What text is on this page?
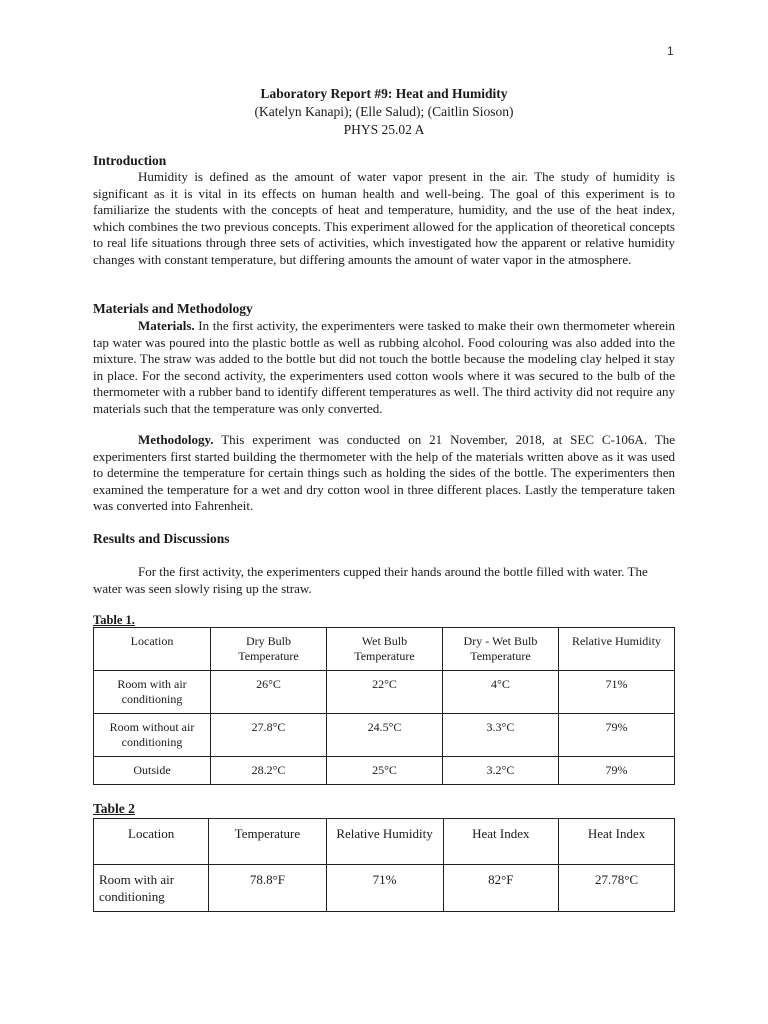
1
Laboratory Report #9: Heat and Humidity
(Katelyn Kanapi); (Elle Salud); (Caitlin Sioson)
PHYS 25.02 A
Introduction

Humidity is defined as the amount of water vapor present in the air. The study of humidity is significant as it is vital in its effects on human health and well-being. The goal of this experiment is to familiarize the students with the concepts of heat and temperature, humidity, and the use of the heat index, which combines the two previous concepts. This experiment allowed for the application of theoretical concepts to real life situations through three sets of activities, which investigated how the apparent or relative humidity changes with constant temperature, but differing amounts the amount of water vapor in the atmosphere.

Materials and Methodology

Materials. In the first activity, the experimenters were tasked to make their own thermometer wherein tap water was poured into the plastic bottle as well as rubbing alcohol. Food colouring was also added into the mixture. The straw was added to the bottle but did not touch the bottle because the modeling clay helped it stay in place. For the second activity, the experimenters used cotton wools where it was secured to the bulb of the thermometer with a rubber band to identify different temperatures as well. The third activity did not require any materials such that the temperature was only converted.

Methodology. This experiment was conducted on 21 November, 2018, at SEC C-106A. The experimenters first started building the thermometer with the help of the materials written above as it was used to determine the temperature for certain things such as holding the sides of the bottle. The experimenters then examined the temperature for a wet and dry cotton wool in three different places. Lastly the temperature taken was converted into Fahrenheit.

Results and Discussions

For the first activity, the experimenters cupped their hands around the bottle filled with water. The water was seen slowly rising up the straw.

Table 1.
Location	Dry Bulb Temperature	Wet Bulb Temperature	Dry - Wet Bulb Temperature	Relative Humidity
Room with air conditioning	26°C	22°C	4°C	71%
Room without air conditioning	27.8°C	24.5°C	3.3°C	79%
Outside	28.2°C	25°C	3.2°C	79%
Table 2
Location	Temperature	Relative Humidity	Heat Index	Heat Index
Room with air conditioning	78.8°F	71%	82°F	27.78°C
